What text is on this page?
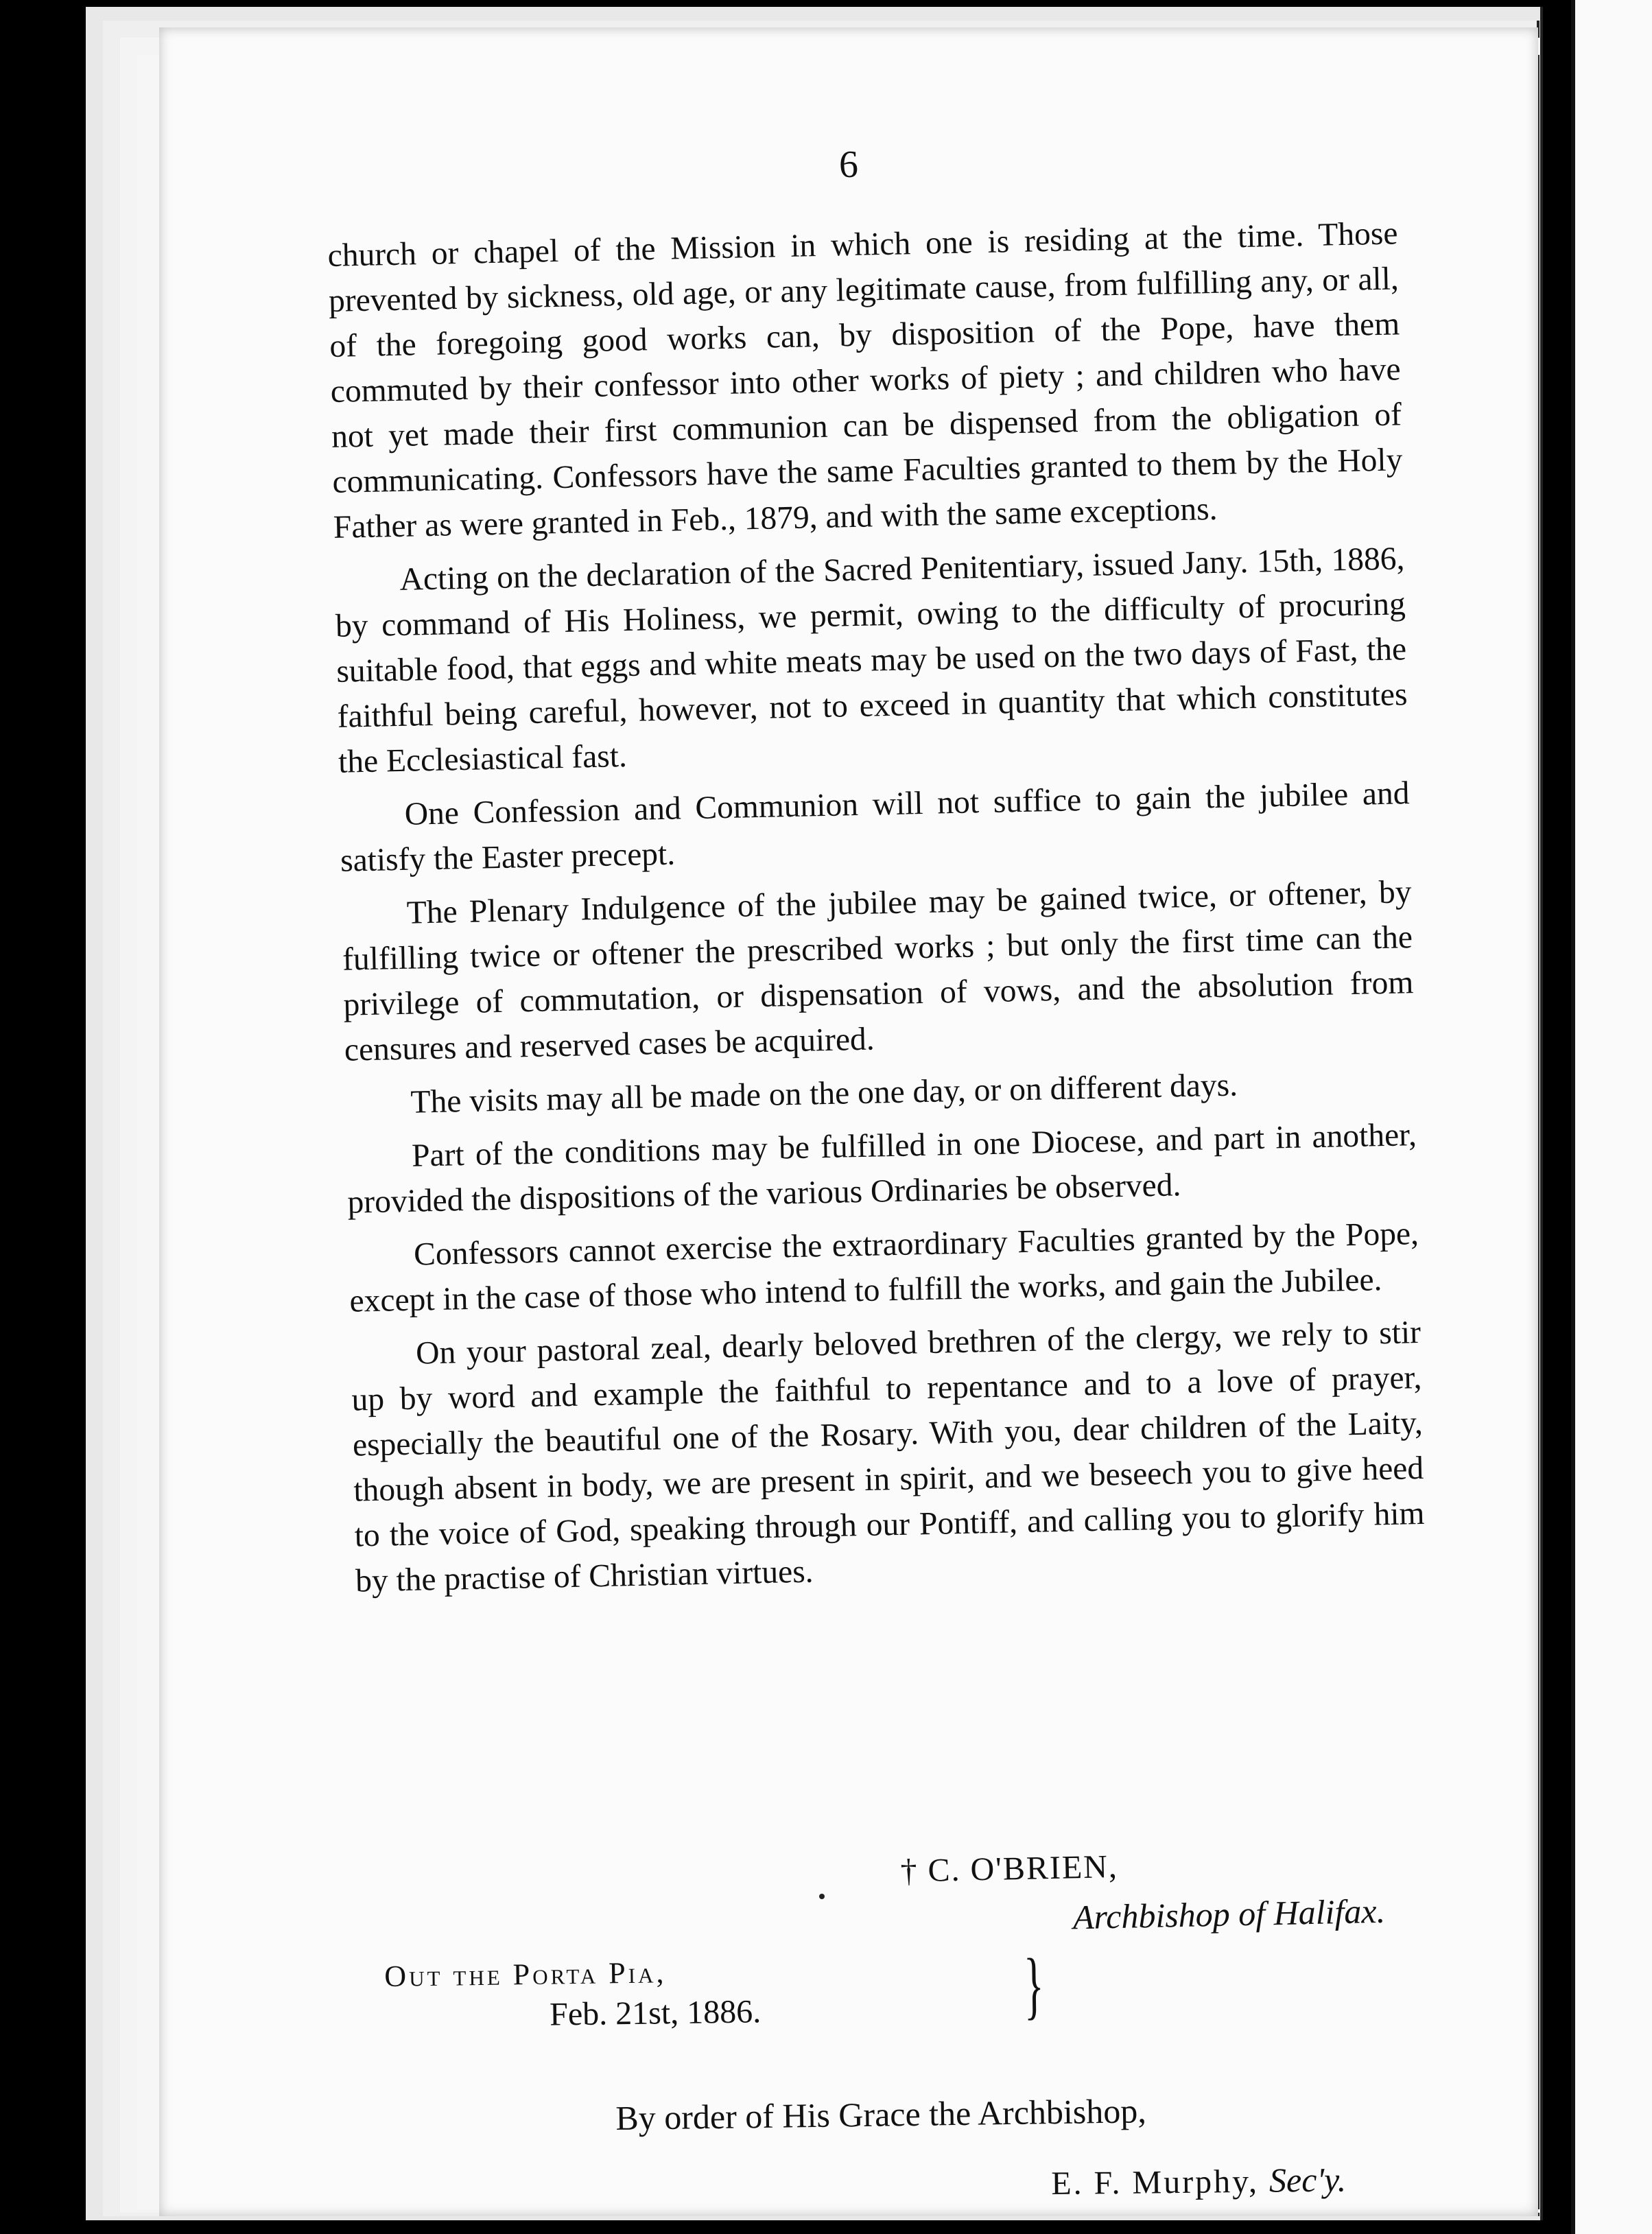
6

church or chapel of the Mission in which one is residing at the time. Those prevented by sickness, old age, or any legitimate cause, from fulfilling any, or all, of the foregoing good works can, by disposition of the Pope, have them commuted by their confessor into other works of piety ; and children who have not yet made their first communion can be dispensed from the obligation of communicating. Confessors have the same Faculties granted to them by the Holy Father as were granted in Feb., 1879, and with the same exceptions.

Acting on the declaration of the Sacred Penitentiary, issued Jany. 15th, 1886, by command of His Holiness, we permit, owing to the difficulty of procuring suitable food, that eggs and white meats may be used on the two days of Fast, the faithful being careful, however, not to exceed in quantity that which constitutes the Ecclesiastical fast.

One Confession and Communion will not suffice to gain the jubilee and satisfy the Easter precept.

The Plenary Indulgence of the jubilee may be gained twice, or oftener, by fulfilling twice or oftener the prescribed works ; but only the first time can the privilege of commutation, or dispensation of vows, and the absolution from censures and reserved cases be acquired.

The visits may all be made on the one day, or on different days.

Part of the conditions may be fulfilled in one Diocese, and part in another, provided the dispositions of the various Ordinaries be observed.

Confessors cannot exercise the extraordinary Faculties granted by the Pope, except in the case of those who intend to fulfill the works, and gain the Jubilee.

On your pastoral zeal, dearly beloved brethren of the clergy, we rely to stir up by word and example the faithful to repentance and to a love of prayer, especially the beautiful one of the Rosary. With you, dear children of the Laity, though absent in body, we are present in spirit, and we beseech you to give heed to the voice of God, speaking through our Pontiff, and calling you to glorify him by the practise of Christian virtues.

† C. O'BRIEN,
Archbishop of Halifax.
Out the Porta Pia,
Feb. 21st, 1886.	}
By order of His Grace the Archbishop,
E. F. Murphy, Sec'y.
